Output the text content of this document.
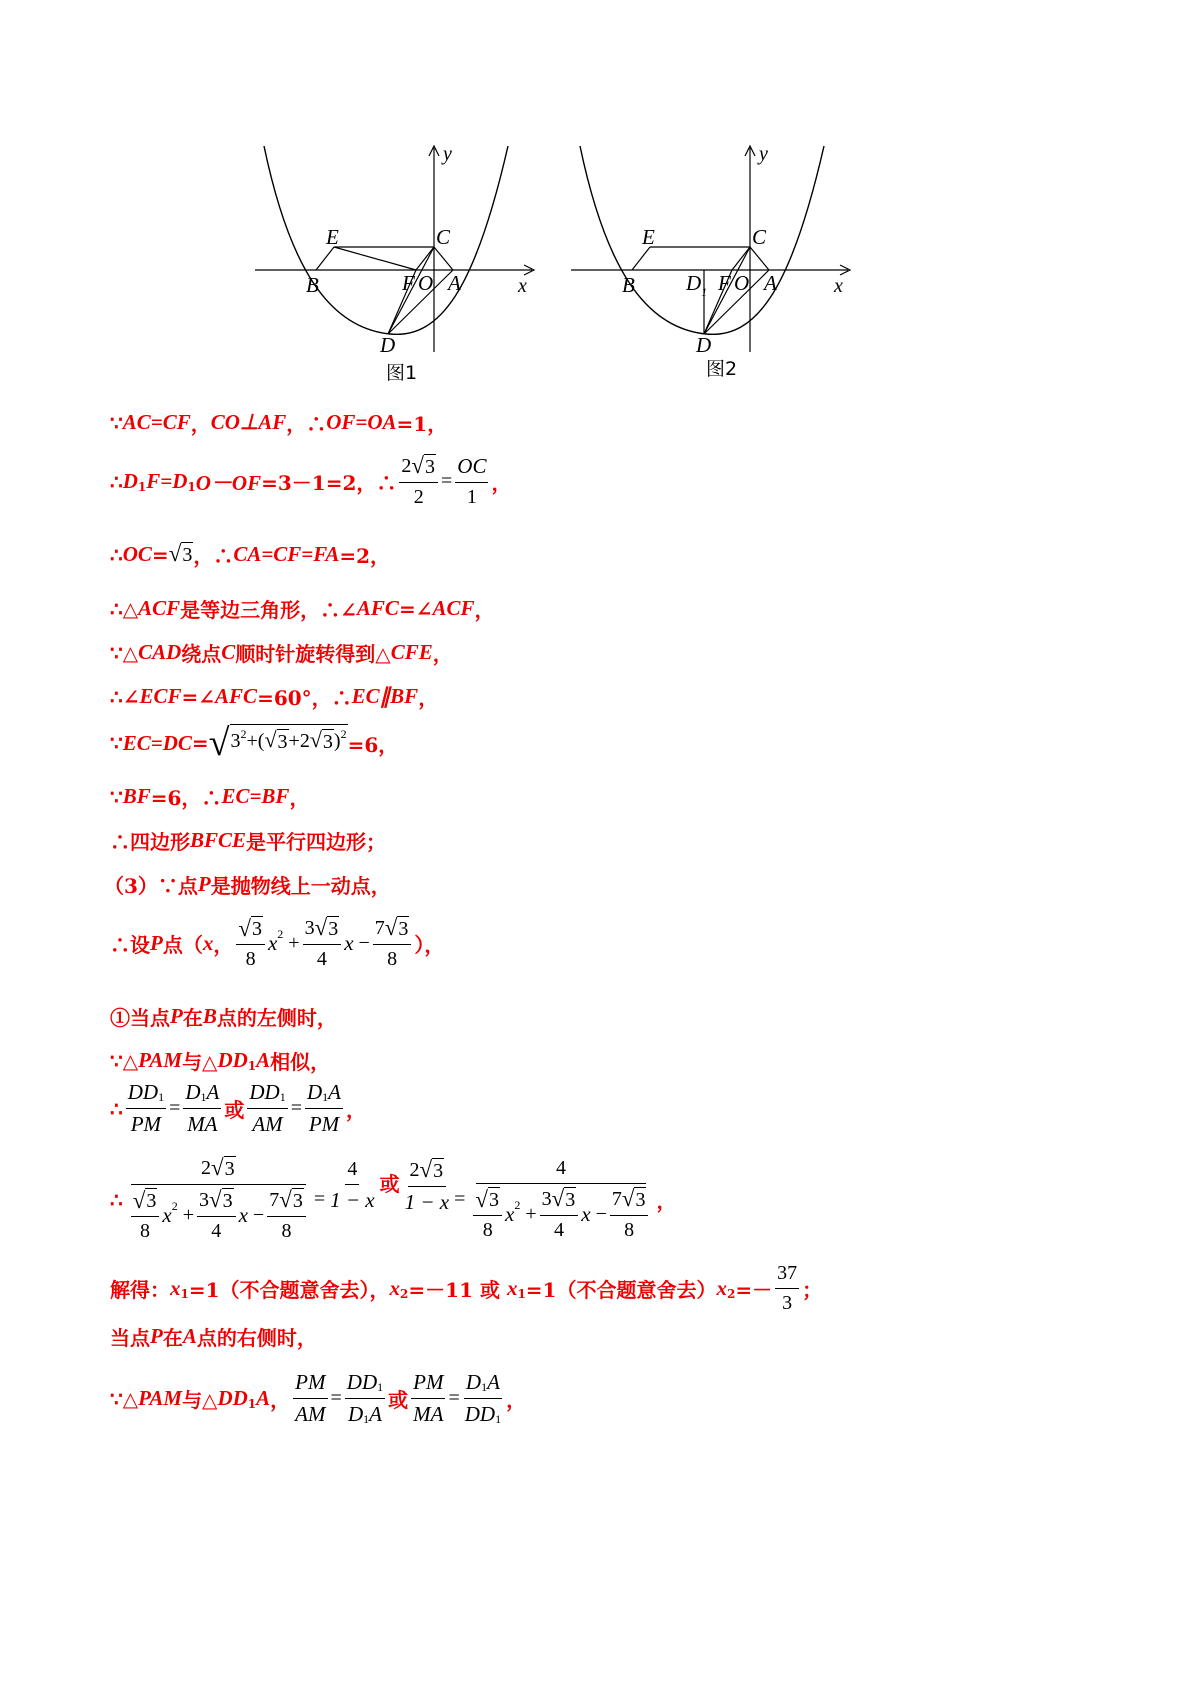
y
x
E	C
B	F O A
D
图1
y
x
E	C
B $D_1$ F O A
D
图2
∵ AC=CF ， CO⊥AF ，∴ OF=OA =1，
∴ D 1 F=D 1 O－OF =3－1=2，∴ $\frac{2 √ 3}{2} = \frac{OC}{1}$ ，
∴ OC = √ 3 ，∴ CA=CF=FA =2，
∴△ ACF 是等边三角形，∴∠ AFC =∠ ACF ，
∵△ CAD 绕点 C 顺时针旋转得到△ CFE ，
∴∠ ECF =∠ AFC =60°，∴ EC∥BF ，
∵ EC=DC = √ $3^2+$( √ 3 +2 √ 3 )$^2$ =6，
∵ BF =6，∴ EC=BF ，
∴四边形 BFCE 是平行四边形；
（3）∵点 P 是抛物线上一动点，
∴设 P 点（ x ， $\frac{√ 3}{8}$ x 2
+ $\frac{3 √ 3}{4}$ x
− $\frac{7 √ 3}{8}$ ），
①当点 P 在 B 点的左侧时，
∵△ PAM 与△ DD 1 A 相似，
∴ $\frac{DD 1}{PM} = \frac{D 1 A}{MA}$ 或 $\frac{DD 1}{AM} = \frac{D 1 A}{PM}$ ，
∴ $\frac{2 √ 3}{\frac{√ 3}{8} x 2 + \frac{3 √ 3}{4} x - \frac{7 √ 3}{8}} = \frac{4}{1 - x}$ 或 $\frac{2 √ 3}{1 - x} = \frac{4}{\frac{√ 3}{8} x 2 + \frac{3 √ 3}{4} x - \frac{7 √ 3}{8}}$ ，
解得： x 1 =1（不合题意舍去）， x 2 =－11 或
x 1 =1（不合题意舍去） x $2 =- \frac{37}{3}$ ；
当点 P 在 A 点的右侧时，
∵△ PAM 与△ DD 1 A ， $\frac{PM}{AM} = \frac{DD 1}{D 1 A}$ 或 $\frac{PM}{MA} = \frac{D 1 A}{DD 1}$ ，
